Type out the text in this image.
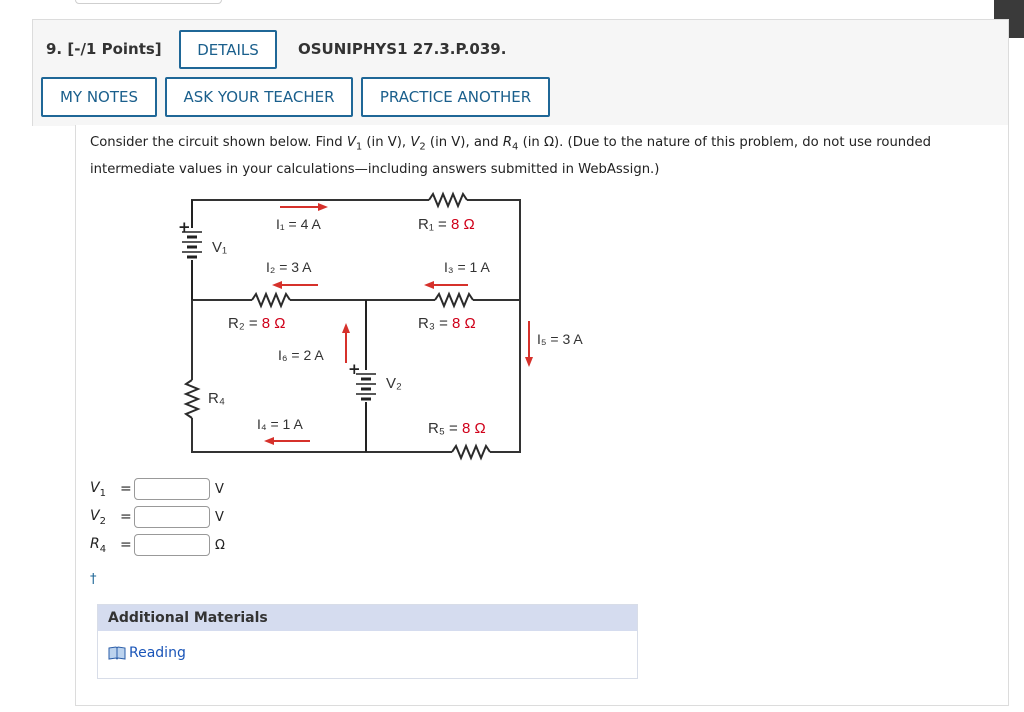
9. [-/1 Points]	DETAILS	OSUNIPHYS1 27.3.P.039.
MY NOTES	ASK YOUR TEACHER	PRACTICE ANOTHER
Consider the circuit shown below. Find $V_1$ (in V), $V_2$ (in V), and $R_4$ (in Ω). (Due to the nature of this problem, do not use rounded intermediate values in your calculations—including answers submitted in WebAssign.)
+
+
I₁ = 4 A
I₂ = 3 A	I₃ = 1 A
I₄ = 1 A
I₅ = 3 A
I₆ = 2 A
R₁ = 8 Ω
R₂ = 8 Ω	R₃ = 8 Ω
R₅ = 8 Ω
R₄
V₁
V₂
$V_1$	=	V
$V_2$	=	V
$R_4$ =	Ω
†
Additional Materials
Reading
